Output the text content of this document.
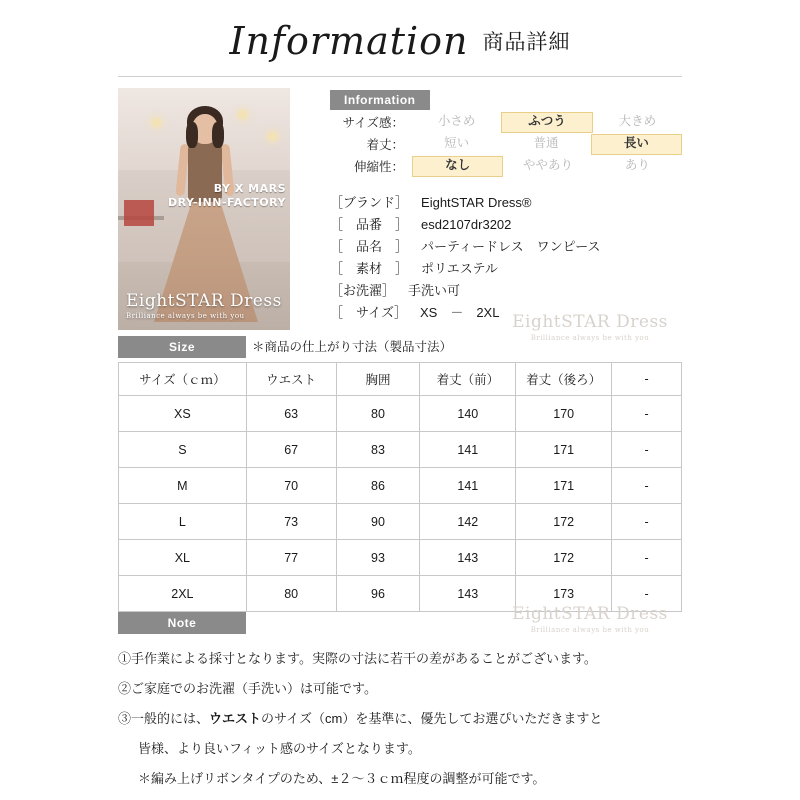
Information 商品詳細
BY X MARS
DRY-INN-FACTORY
EightSTAR Dress
Brilliance always be with you
Information
サイズ感：	小さめ	ふつう	大きめ
着丈：	短い	普通	長い
伸縮性：	なし	ややあり	あり
［ブランド］　 EightSTAR Dress®
［　品番　］　 esd2107dr3202
［　品名　］　 パーティードレス　ワンピース
［　素材　］　 ポリエステル
［お洗濯］　 手洗い可
［　サイズ］　 XS　－　2XL EightSTAR Dress
Brilliance always be with you
Size	＊商品の仕上がり寸法（製品寸法）
サイズ（ｃｍ）	ウエスト	胸囲	着丈（前）	着丈（後ろ）	-
XS	63	80	140	170	-
S	67	83	141	171	-
M	70	86	141	171	-
L	73	90	142	172	-
XL	77	93	143	172	-
2XL	80	96	143	173	-
EightSTAR Dress
Brilliance always be with you
Note
①手作業による採寸となります。実際の寸法に若干の差があることがございます。
②ご家庭でのお洗濯（手洗い）は可能です。
③一般的には、ウエストのサイズ（cm）を基準に、優先してお選ぴいただきますと
皆様、より良いフィット感のサイズとなります。
＊編み上げリボンタイプのため、±２～３ｃｍ程度の調整が可能です。
